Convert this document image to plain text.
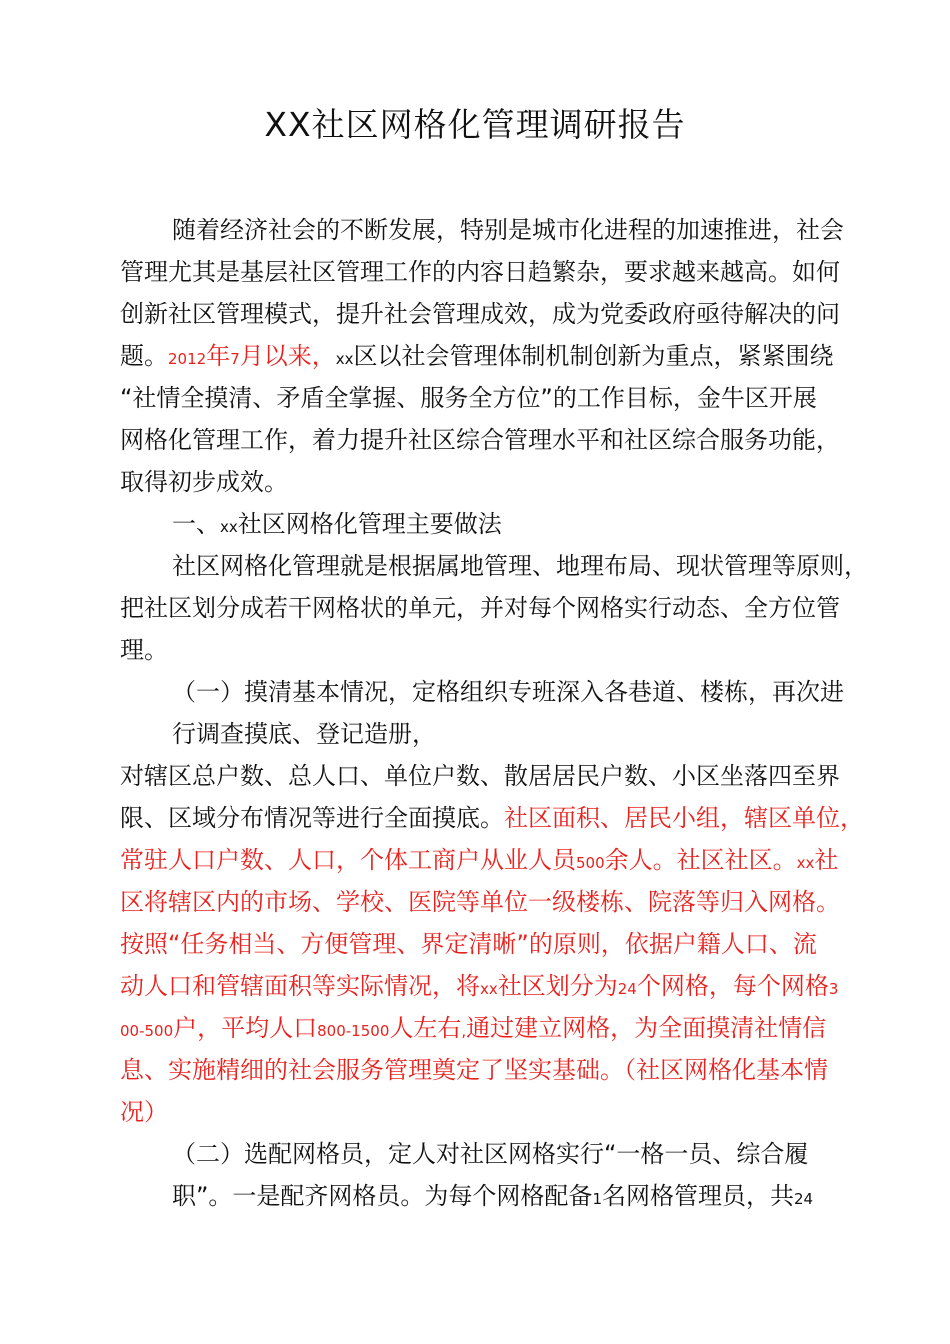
XX社区网格化管理调研报告
随着经济社会的不断发展，特别是城市化进程的加速推进，社会
管理尤其是基层社区管理工作的内容日趋繁杂，要求越来越高。如何
创新社区管理模式，提升社会管理成效，成为党委政府亟待解决的问
题。2012年7月以来，xx区以社会管理体制机制创新为重点，紧紧围绕
“社情全摸清、矛盾全掌握、服务全方位”的工作目标，金牛区开展
网格化管理工作，着力提升社区综合管理水平和社区综合服务功能，
取得初步成效。
一、xx社区网格化管理主要做法
社区网格化管理就是根据属地管理、地理布局、现状管理等原则，
把社区划分成若干网格状的单元，并对每个网格实行动态、全方位管
理。
（一）摸清基本情况，定格组织专班深入各巷道、楼栋，再次进
行调查摸底、登记造册，
对辖区总户数、总人口、单位户数、散居居民户数、小区坐落四至界
限、区域分布情况等进行全面摸底。社区面积、居民小组，辖区单位，
常驻人口户数、人口，个体工商户从业人员500余人。社区社区。xx社
区将辖区内的市场、学校、医院等单位一级楼栋、院落等归入网格。
按照“任务相当、方便管理、界定清晰”的原则，依据户籍人口、流
动人口和管辖面积等实际情况，将xx社区划分为24个网格，每个网格3
00-500户，平均人口800-1500人左右,通过建立网格，为全面摸清社情信
息、实施精细的社会服务管理奠定了坚实基础。（社区网格化基本情
况）
（二）选配网格员，定人对社区网格实行“一格一员、综合履
职”。一是配齐网格员。为每个网格配备1名网格管理员，共24
